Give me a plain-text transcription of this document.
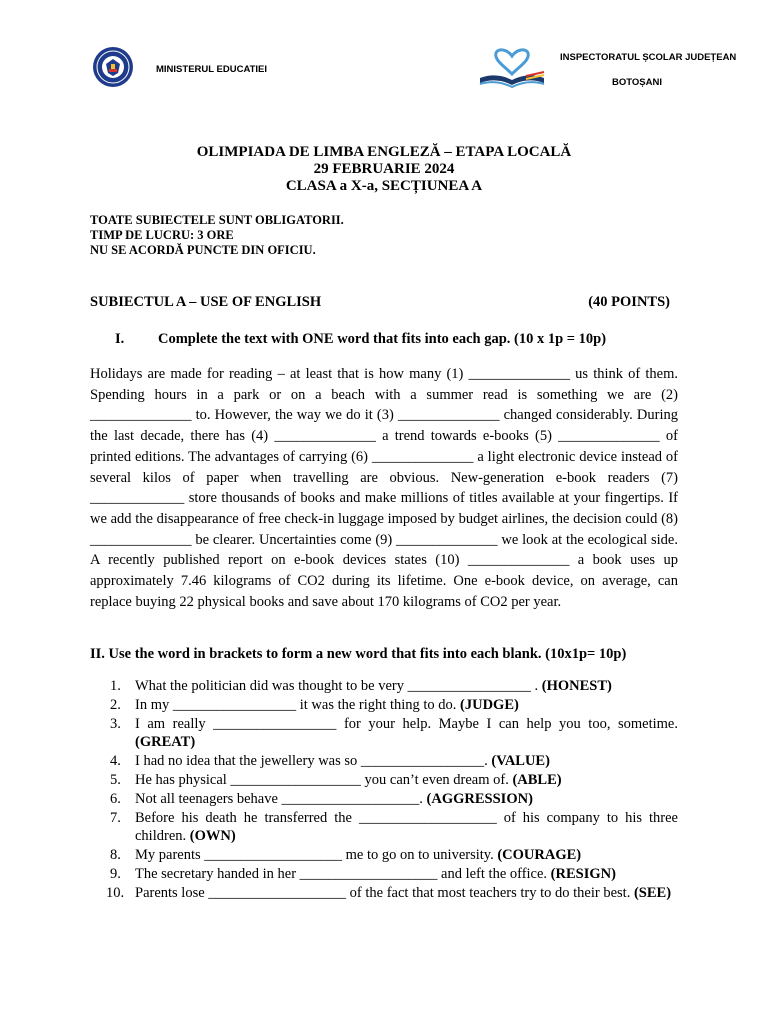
MINISTERUL EDUCATIEI
INSPECTORATUL ȘCOLAR JUDEȚEAN
BOTOȘANI
OLIMPIADA DE LIMBA ENGLEZĂ – ETAPA LOCALĂ
29 FEBRUARIE 2024
CLASA a X-a, SECȚIUNEA A
TOATE SUBIECTELE SUNT OBLIGATORII.
TIMP DE LUCRU: 3 ORE
NU SE ACORDĂ PUNCTE DIN OFICIU.
SUBIECTUL A – USE OF ENGLISH	(40 POINTS)
I. Complete the text with ONE word that fits into each gap. (10 x 1p = 10p)

Holidays are made for reading – at least that is how many (1) ______________ us think of them. Spending hours in a park or on a beach with a summer read is something we are (2) ______________ to. However, the way we do it (3) ______________ changed considerably. During the last decade, there has (4) ______________ a trend towards e-books (5) ______________ of printed editions. The advantages of carrying (6) ______________ a light electronic device instead of several kilos of paper when travelling are obvious. New-generation e-book readers (7) _____________ store thousands of books and make millions of titles available at your fingertips. If we add the disappearance of free check-in luggage imposed by budget airlines, the decision could (8) ______________ be clearer. Uncertainties come (9) ______________ we look at the ecological side. A recently published report on e-book devices states (10) ______________ a book uses up approximately 7.46 kilograms of CO2 during its lifetime. One e-book device, on average, can replace buying 22 physical books and save about 170 kilograms of CO2 per year.

II. Use the word in brackets to form a new word that fits into each blank. (10x1p= 10p)
1. What the politician did was thought to be very _________________ . (HONEST)
2. In my _________________ it was the right thing to do. (JUDGE)
3. I am really _________________ for your help. Maybe I can help you too, sometime. (GREAT)
4. I had no idea that the jewellery was so _________________. (VALUE)
5. He has physical __________________ you can’t even dream of. (ABLE)
6. Not all teenagers behave ___________________. (AGGRESSION)
7. Before his death he transferred the ___________________ of his company to his three children. (OWN)
8. My parents ___________________ me to go on to university. (COURAGE)
9. The secretary handed in her ___________________ and left the office. (RESIGN)
10. Parents lose ___________________ of the fact that most teachers try to do their best. (SEE)
